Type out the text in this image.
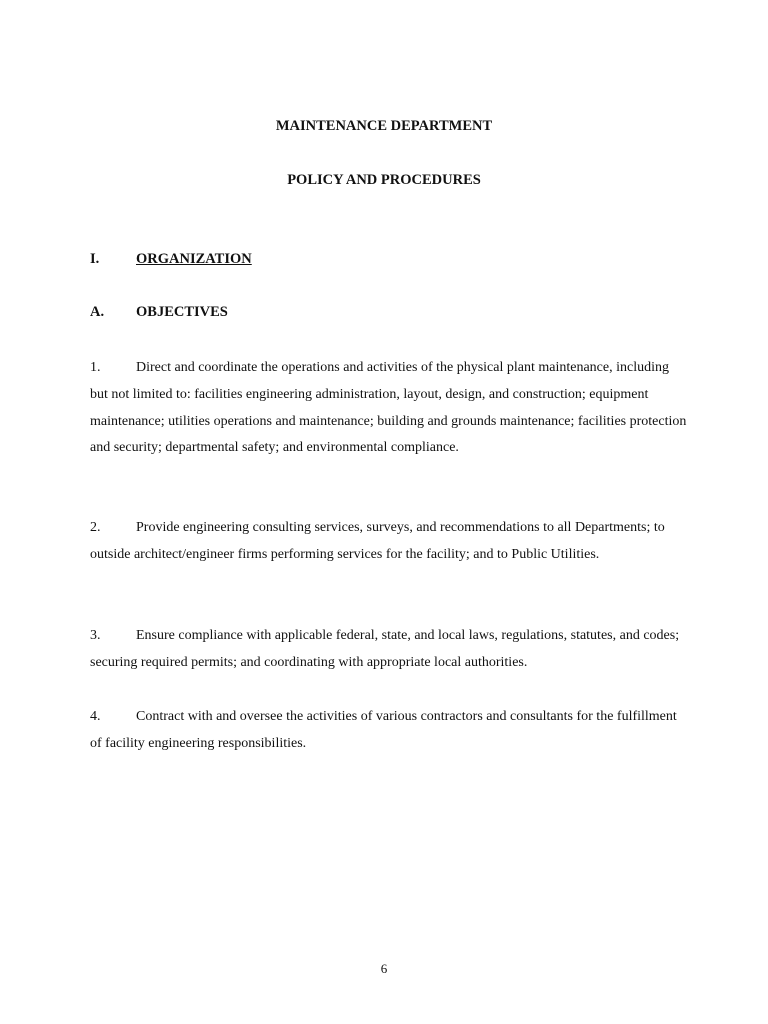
MAINTENANCE DEPARTMENT
POLICY AND PROCEDURES
I.	ORGANIZATION
A. OBJECTIVES
1.	Direct and coordinate the operations and activities of the physical plant maintenance, including but not limited to: facilities engineering administration, layout, design, and construction; equipment maintenance; utilities operations and maintenance; building and grounds maintenance; facilities protection and security; departmental safety; and environmental compliance.
2.	Provide engineering consulting services, surveys, and recommendations to all Departments; to outside architect/engineer firms performing services for the facility; and to Public Utilities.
3.	Ensure compliance with applicable federal, state, and local laws, regulations, statutes, and codes; securing required permits; and coordinating with appropriate local authorities.
4.	Contract with and oversee the activities of various contractors and consultants for the fulfillment of facility engineering responsibilities.
6
